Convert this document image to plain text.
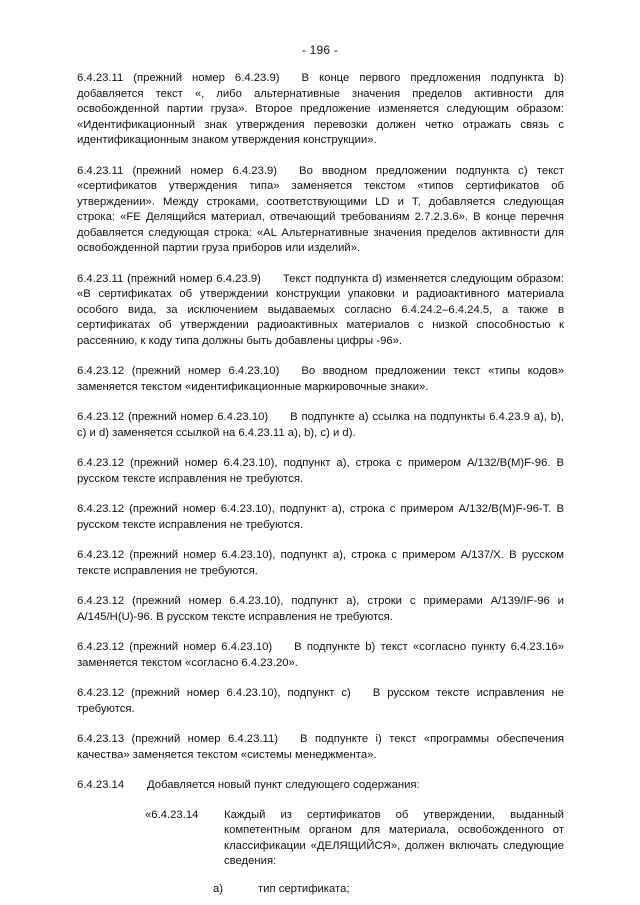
- 196 -

6.4.23.11 (прежний номер 6.4.23.9) В конце первого предложения подпункта b) добавляется текст «, либо альтернативные значения пределов активности для освобожденной партии груза». Второе предложение изменяется следующим образом: «Идентификационный знак утверждения перевозки должен четко отражать связь с идентификационным знаком утверждения конструкции».

6.4.23.11 (прежний номер 6.4.23.9) Во вводном предложении подпункта c) текст «сертификатов утверждения типа» заменяется текстом «типов сертификатов об утверждении». Между строками, соответствующими LD и T, добавляется следующая строка: «FE Делящийся материал, отвечающий требованиям 2.7.2.3.6». В конце перечня добавляется следующая строка: «AL Альтернативные значения пределов активности для освобожденной партии груза приборов или изделий».

6.4.23.11 (прежний номер 6.4.23.9) Текст подпункта d) изменяется следующим образом: «В сертификатах об утверждении конструкции упаковки и радиоактивного материала особого вида, за исключением выдаваемых согласно 6.4.24.2–6.4.24.5, а также в сертификатах об утверждении радиоактивных материалов с низкой способностью к рассеянию, к коду типа должны быть добавлены цифры -96».

6.4.23.12 (прежний номер 6.4.23.10) Во вводном предложении текст «типы кодов» заменяется текстом «идентификационные маркировочные знаки».

6.4.23.12 (прежний номер 6.4.23.10) В подпункте a) ссылка на подпункты 6.4.23.9 a), b), c) и d) заменяется ссылкой на 6.4.23.11 a), b), c) и d).

6.4.23.12 (прежний номер 6.4.23.10), подпункт a), строка с примером A/132/B(M)F-96. В русском тексте исправления не требуются.

6.4.23.12 (прежний номер 6.4.23.10), подпункт a), строка с примером A/132/B(M)F-96-T. В русском тексте исправления не требуются.

6.4.23.12 (прежний номер 6.4.23.10), подпункт a), строка с примером A/137/X. В русском тексте исправления не требуются.

6.4.23.12 (прежний номер 6.4.23.10), подпункт a), строки с примерами A/139/IF-96 и A/145/H(U)-96. В русском тексте исправления не требуются.

6.4.23.12 (прежний номер 6.4.23.10) В подпункте b) текст «согласно пункту 6.4.23.16» заменяется текстом «согласно 6.4.23.20».

6.4.23.12 (прежний номер 6.4.23.10), подпункт c) В русском тексте исправления не требуются.

6.4.23.13 (прежний номер 6.4.23.11) В подпункте i) текст «программы обеспечения качества» заменяется текстом «системы менеджмента».

6.4.23.14	Добавляется новый пункт следующего содержания:
«6.4.23.14	Каждый из сертификатов об утверждении, выданный компетентным органом для материала, освобожденного от классификации «ДЕЛЯЩИЙСЯ», должен включать следующие сведения:
a)	тип сертификата;
